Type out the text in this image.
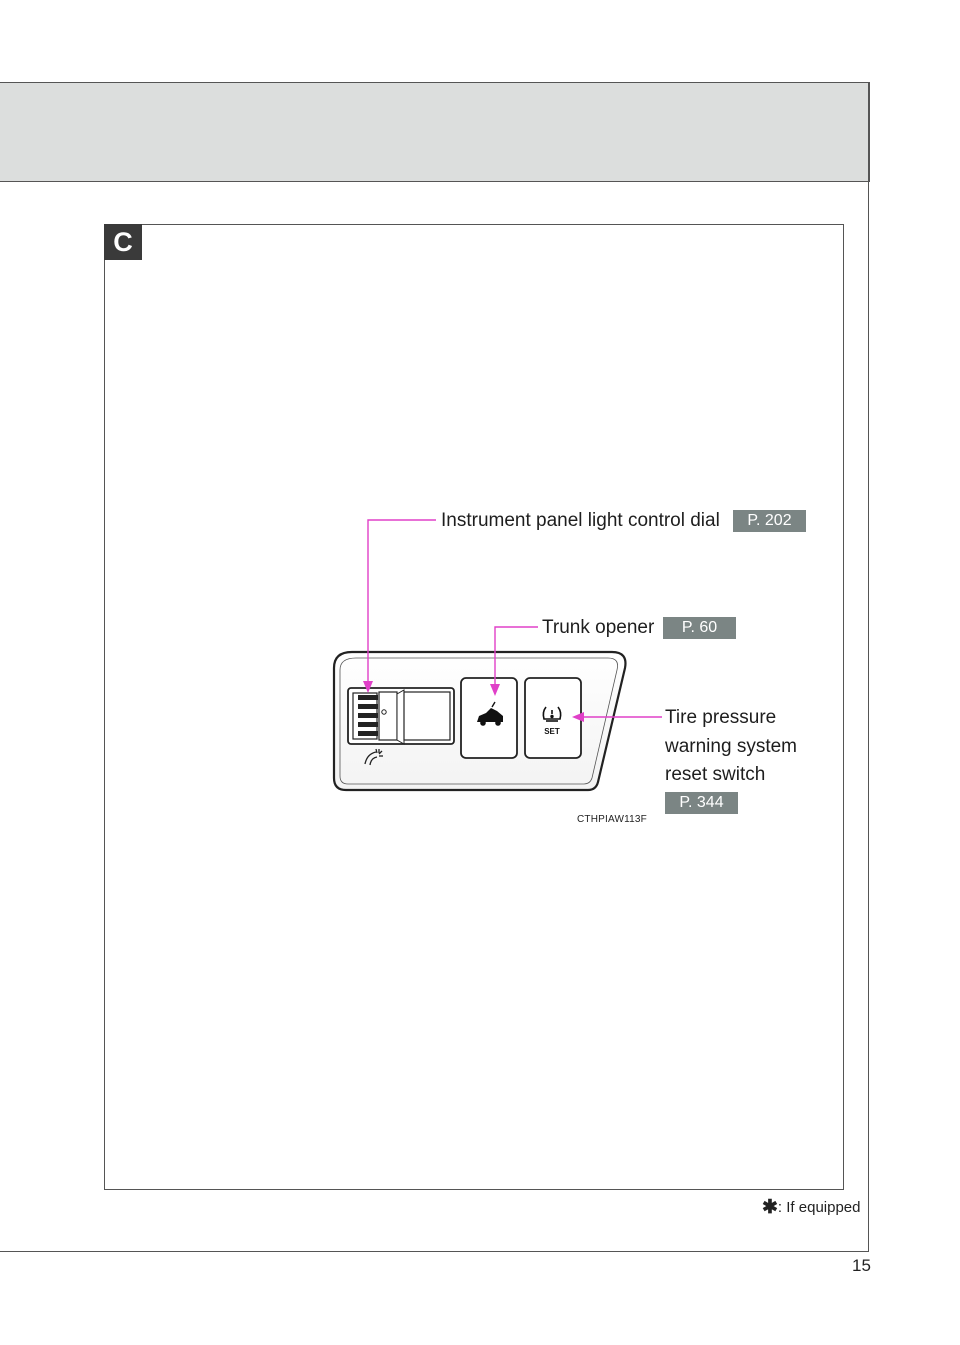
C
SET
Instrument panel light control dial	P. 202
Trunk opener	P. 60
Tire pressure
warning system
reset switch
P. 344
CTHPIAW113F
✱: If equipped
15
